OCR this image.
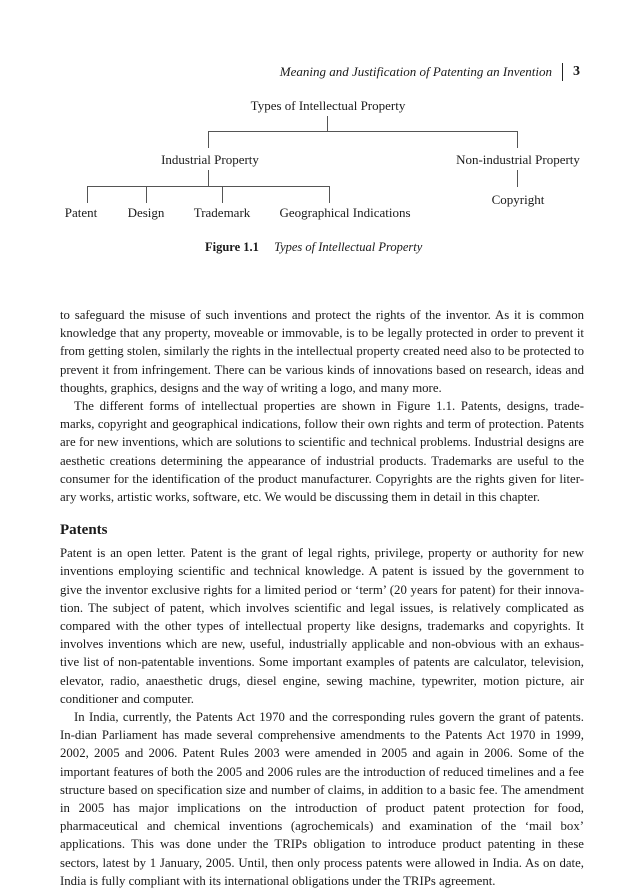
Meaning and Justification of Patenting an Invention 3
Types of Intellectual Property
Industrial Property	Non-industrial Property
Patent Design Trademark Geographical Indications
Copyright
Figure 1.1 Types of Intellectual Property

to safeguard the misuse of such inventions and protect the rights of the inventor. As it is common knowledge that any property, moveable or immovable, is to be legally protected in order to prevent it from getting stolen, similarly the rights in the intellectual property created need also to be protected to prevent it from infringement. There can be various kinds of innovations based on research, ideas and thoughts, graphics, designs and the way of writing a logo, and many more.

The different forms of intellectual properties are shown in Figure 1.1. Patents, designs, trade-marks, copyright and geographical indications, follow their own rights and term of protection. Patents are for new inventions, which are solutions to scientific and technical problems. Industrial designs are aesthetic creations determining the appearance of industrial products. Trademarks are useful to the consumer for the identification of the product manufacturer. Copyrights are the rights given for liter-ary works, artistic works, software, etc. We would be discussing them in detail in this chapter.

Patents

Patent is an open letter. Patent is the grant of legal rights, privilege, property or authority for new inventions employing scientific and technical knowledge. A patent is issued by the government to give the inventor exclusive rights for a limited period or ‘term’ (20 years for patent) for their innova-tion. The subject of patent, which involves scientific and legal issues, is relatively complicated as compared with the other types of intellectual property like designs, trademarks and copyrights. It involves inventions which are new, useful, industrially applicable and non-obvious with an exhaus-tive list of non-patentable inventions. Some important examples of patents are calculator, television, elevator, radio, anaesthetic drugs, diesel engine, sewing machine, typewriter, motion picture, air conditioner and computer.

In India, currently, the Patents Act 1970 and the corresponding rules govern the grant of patents. In-dian Parliament has made several comprehensive amendments to the Patents Act 1970 in 1999, 2002, 2005 and 2006. Patent Rules 2003 were amended in 2005 and again in 2006. Some of the important features of both the 2005 and 2006 rules are the introduction of reduced timelines and a fee structure based on specification size and number of claims, in addition to a basic fee. The amendment in 2005 has major implications on the introduction of product patent protection for food, pharmaceutical and chemical inventions (agrochemicals) and examination of the ‘mail box’ applications. This was done under the TRIPs obligation to introduce product patenting in these sectors, latest by 1 January, 2005. Until, then only process patents were allowed in India. As on date, India is fully compliant with its international obligations under the TRIPs agreement.
